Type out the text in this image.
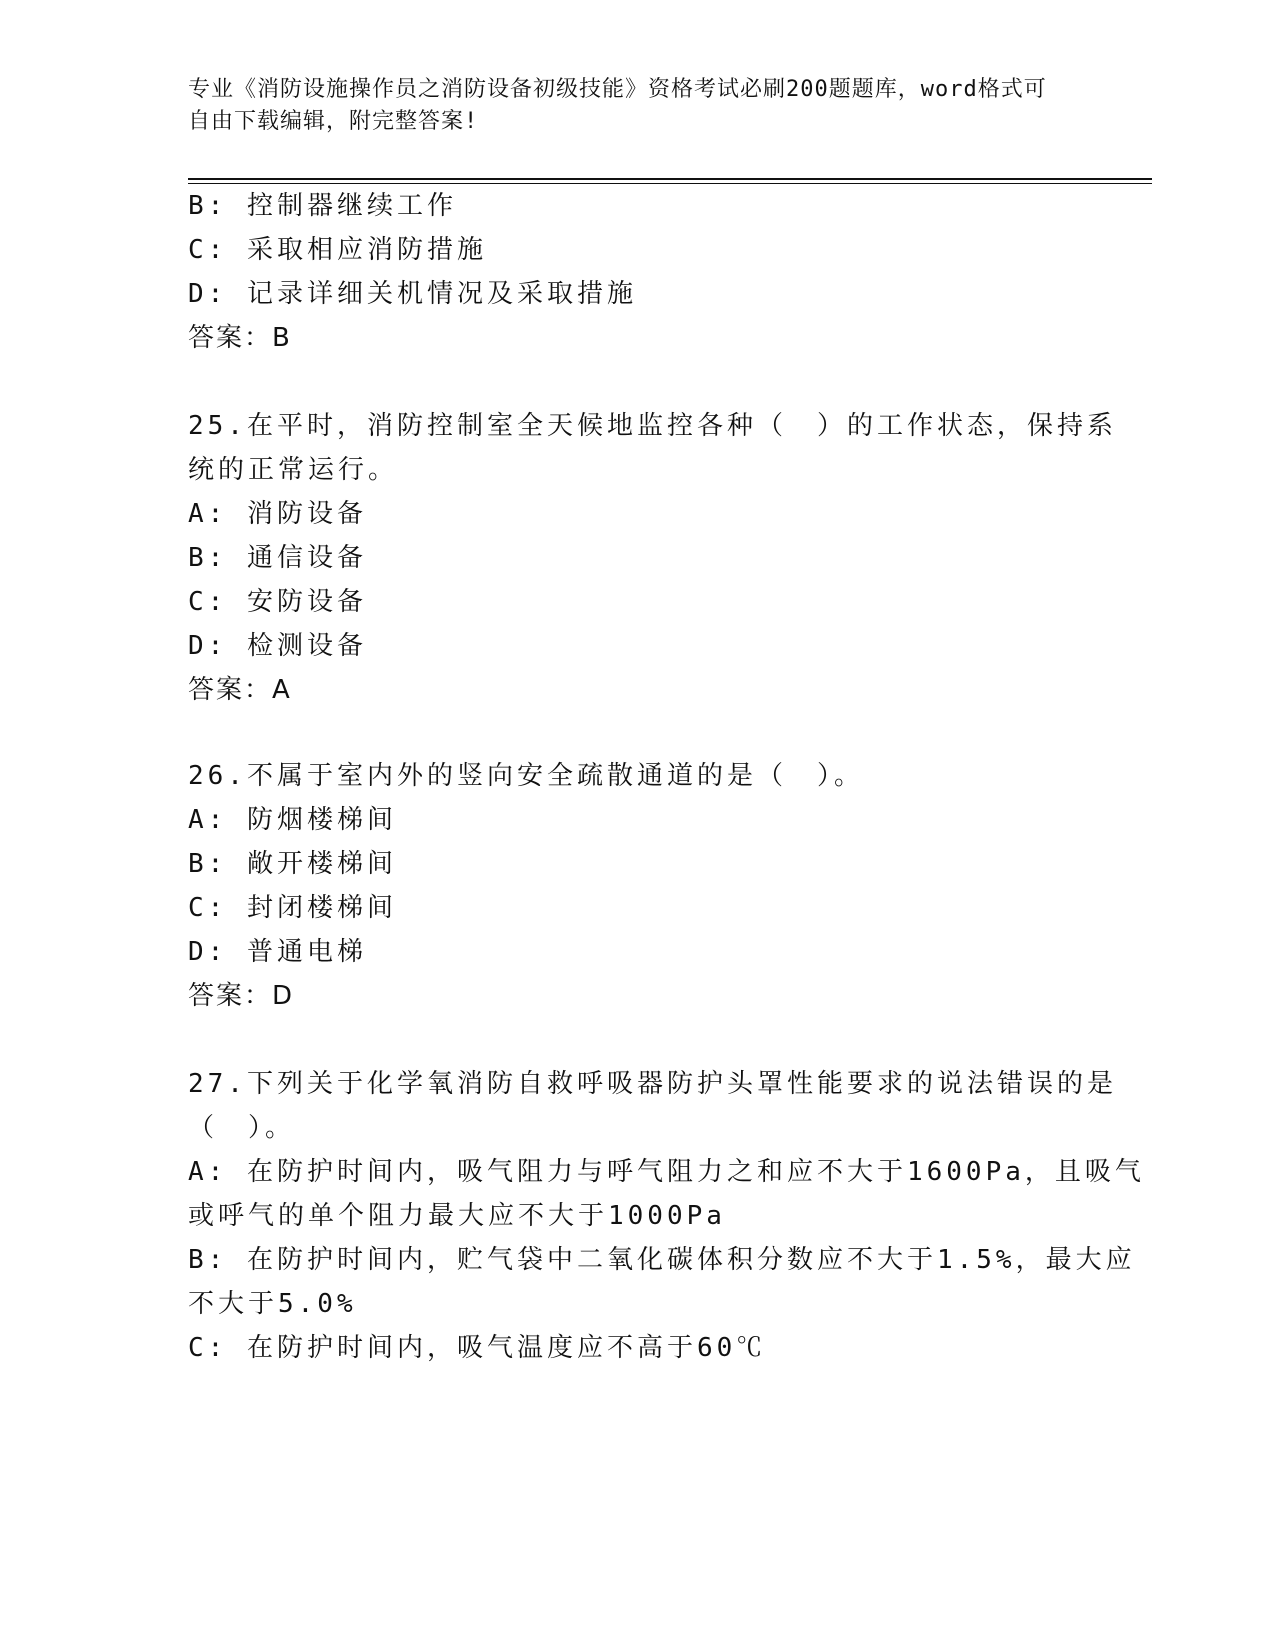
专业《消防设施操作员之消防设备初级技能》资格考试必刷200题题库，word格式可自由下载编辑，附完整答案!
B: 控制器继续工作
C: 采取相应消防措施
D: 记录详细关机情况及采取措施
答案：B
25.在平时，消防控制室全天候地监控各种（　）的工作状态，保持系
统的正常运行。
A: 消防设备
B: 通信设备
C: 安防设备
D: 检测设备
答案：A
26.不属于室内外的竖向安全疏散通道的是（　）。
A: 防烟楼梯间
B: 敞开楼梯间
C: 封闭楼梯间
D: 普通电梯
答案：D
27.下列关于化学氧消防自救呼吸器防护头罩性能要求的说法错误的是
（　）。
A: 在防护时间内，吸气阻力与呼气阻力之和应不大于1600Pa，且吸气
或呼气的单个阻力最大应不大于1000Pa
B: 在防护时间内，贮气袋中二氧化碳体积分数应不大于1.5%，最大应
不大于5.0%
C: 在防护时间内，吸气温度应不高于60℃
